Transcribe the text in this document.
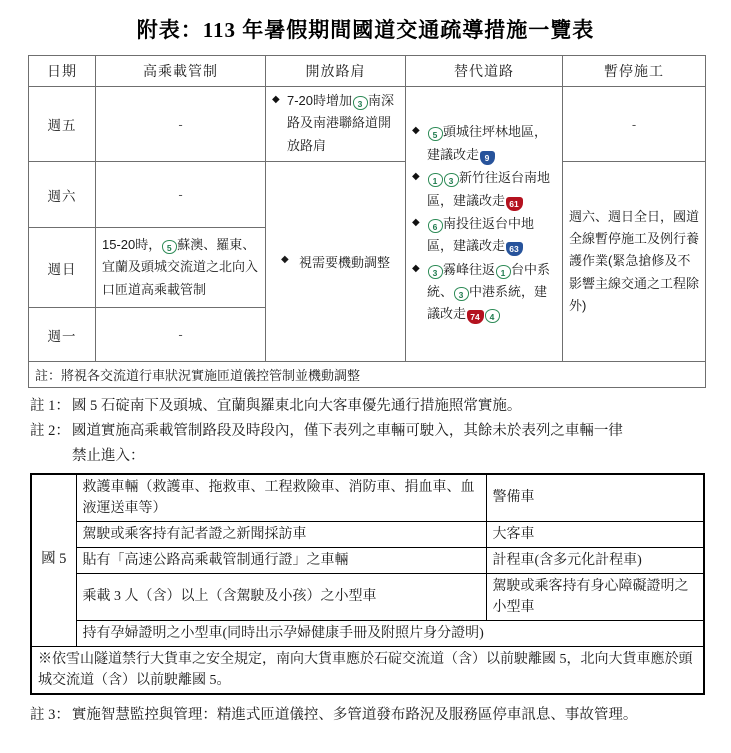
附表：113 年暑假期間國道交通疏導措施一覽表
日期	高乘載管制	開放路肩	替代道路	暫停施工
週五	-	◆ 7-20時增加 3 南深路及南港聯絡道開放路肩	◆ 5 頭城往坪林地區，建議改走 9
◆ 1 3 新竹往返台南地區，建議改走 61
◆ 6 南投往返台中地區，建議改走 63
◆ 3 霧峰往返 1 台中系統、 3 中港系統，建議改走 74 4	-
週六	-	◆ 視需要機動調整		週六、週日全日，國道全線暫停施工及例行養護作業(緊急搶修及不影響主線交通之工程除外)
週日	15-20時， 5 蘇澳、羅東、宜蘭及頭城交流道之北向入口匝道高乘載管制			
週一	-			
註：將視各交流道行車狀況實施匝道儀控管制並機動調整				
註 1： 國 5 石碇南下及頭城、宜蘭與羅東北向大客車優先通行措施照常實施。
註 2： 國道實施高乘載管制路段及時段內，僅下表列之車輛可駛入，其餘未於表列之車輛一律
禁止進入：
國 5	救護車輛（救護車、拖救車、工程救險車、消防車、捐血車、血液運送車等）	警備車
	駕駛或乘客持有記者證之新聞採訪車	大客車
	貼有「高速公路高乘載管制通行證」之車輛	計程車(含多元化計程車)
	乘載 3 人（含）以上（含駕駛及小孩）之小型車	駕駛或乘客持有身心障礙證明之小型車
	持有孕婦證明之小型車(同時出示孕婦健康手冊及附照片身分證明)	
※依雪山隧道禁行大貨車之安全規定，南向大貨車應於石碇交流道（含）以前駛離國 5，北向大貨車應於頭城交流道（含）以前駛離國 5。		
註 3： 實施智慧監控與管理：精進式匝道儀控、多管道發布路況及服務區停車訊息、事故管理。
